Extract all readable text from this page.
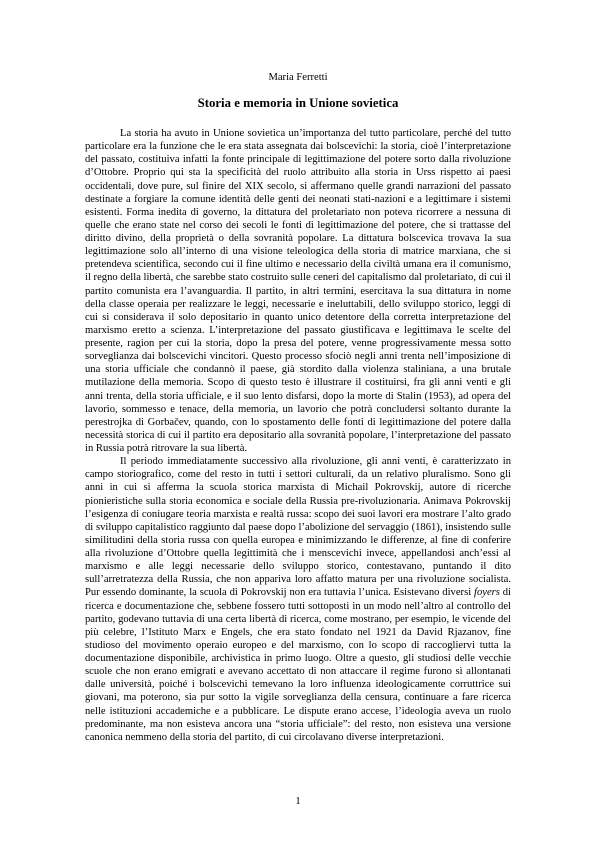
Maria Ferretti
Storia e memoria in Unione sovietica

La storia ha avuto in Unione sovietica un’importanza del tutto particolare, perché del tutto particolare era la funzione che le era stata assegnata dai bolscevichi: la storia, cioè l’interpretazione del passato, costituiva infatti la fonte principale di legittimazione del potere sorto dalla rivoluzione d’Ottobre. Proprio qui sta la specificità del ruolo attribuito alla storia in Urss rispetto ai paesi occidentali, dove pure, sul finire del XIX secolo, si affermano quelle grandi narrazioni del passato destinate a forgiare la comune identità delle genti dei neonati stati-nazioni e a legittimare i sistemi esistenti. Forma inedita di governo, la dittatura del proletariato non poteva ricorrere a nessuna di quelle che erano state nel corso dei secoli le fonti di legittimazione del potere, che si trattasse del diritto divino, della proprietà o della sovranità popolare. La dittatura bolscevica trovava la sua legittimazione solo all’interno di una visione teleologica della storia di matrice marxiana, che si pretendeva scientifica, secondo cui il fine ultimo e necessario della civiltà umana era il comunismo, il regno della libertà, che sarebbe stato costruito sulle ceneri del capitalismo dal proletariato, di cui il partito comunista era l’avanguardia. Il partito, in altri termini, esercitava la sua dittatura in nome della classe operaia per realizzare le leggi, necessarie e ineluttabili, dello sviluppo storico, leggi di cui si considerava il solo depositario in quanto unico detentore della corretta interpretazione del marxismo eretto a scienza. L’interpretazione del passato giustificava e legittimava le scelte del presente, ragion per cui la storia, dopo la presa del potere, venne progressivamente messa sotto sorveglianza dai bolscevichi vincitori. Questo processo sfociò negli anni trenta nell’imposizione di una storia ufficiale che condannò il paese, già stordito dalla violenza staliniana, a una brutale mutilazione della memoria. Scopo di questo testo è illustrare il costituirsi, fra gli anni venti e gli anni trenta, della storia ufficiale, e il suo lento disfarsi, dopo la morte di Stalin (1953), ad opera del lavorio, sommesso e tenace, della memoria, un lavorio che potrà concludersi soltanto durante la perestrojka di Gorbačev, quando, con lo spostamento delle fonti di legittimazione del potere dalla necessità storica di cui il partito era depositario alla sovranità popolare, l’interpretazione del passato in Russia potrà ritrovare la sua libertà.

Il periodo immediatamente successivo alla rivoluzione, gli anni venti, è caratterizzato in campo storiografico, come del resto in tutti i settori culturali, da un relativo pluralismo. Sono gli anni in cui si afferma la scuola storica marxista di Michail Pokrovskij, autore di ricerche pionieristiche sulla storia economica e sociale della Russia pre-rivoluzionaria. Animava Pokrovskij l’esigenza di coniugare teoria marxista e realtà russa: scopo dei suoi lavori era mostrare l’alto grado di sviluppo capitalistico raggiunto dal paese dopo l’abolizione del servaggio (1861), insistendo sulle similitudini della storia russa con quella europea e minimizzando le differenze, al fine di conferire alla rivoluzione d’Ottobre quella legittimità che i menscevichi invece, appellandosi anch’essi al marxismo e alle leggi necessarie dello sviluppo storico, contestavano, puntando il dito sull’arretratezza della Russia, che non appariva loro affatto matura per una rivoluzione socialista. Pur essendo dominante, la scuola di Pokrovskij non era tuttavia l’unica. Esistevano diversi foyers di ricerca e documentazione che, sebbene fossero tutti sottoposti in un modo nell’altro al controllo del partito, godevano tuttavia di una certa libertà di ricerca, come mostrano, per esempio, le vicende del più celebre, l’Istituto Marx e Engels, che era stato fondato nel 1921 da David Rjazanov, fine studioso del movimento operaio europeo e del marxismo, con lo scopo di raccogliervi tutta la documentazione disponibile, archivistica in primo luogo. Oltre a questo, gli studiosi delle vecchie scuole che non erano emigrati e avevano accettato di non attaccare il regime furono sì allontanati dalle università, poiché i bolscevichi temevano la loro influenza ideologicamente corruttrice sui giovani, ma poterono, sia pur sotto la vigile sorveglianza della censura, continuare a fare ricerca nelle istituzioni accademiche e a pubblicare. Le dispute erano accese, l’ideologia aveva un ruolo predominante, ma non esisteva ancora una “storia ufficiale”: del resto, non esisteva una versione canonica nemmeno della storia del partito, di cui circolavano diverse interpretazioni.

1
